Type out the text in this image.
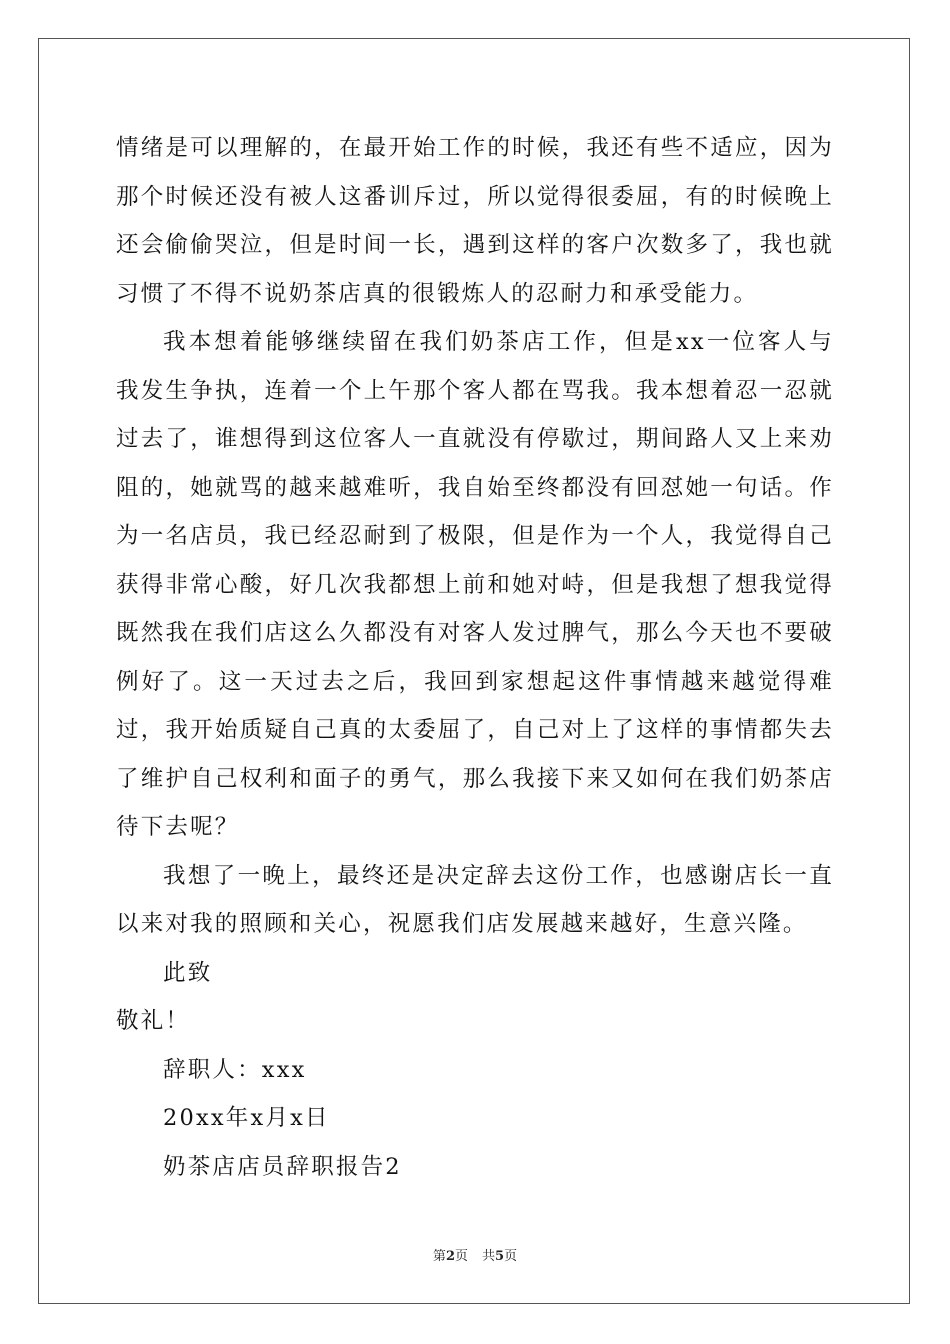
情绪是可以理解的，在最开始工作的时候，我还有些不适应，因为那个时候还没有被人这番训斥过，所以觉得很委屈，有的时候晚上还会偷偷哭泣，但是时间一长，遇到这样的客户次数多了，我也就习惯了不得不说奶茶店真的很锻炼人的忍耐力和承受能力。

我本想着能够继续留在我们奶茶店工作，但是xx一位客人与我发生争执，连着一个上午那个客人都在骂我。我本想着忍一忍就过去了，谁想得到这位客人一直就没有停歇过，期间路人又上来劝阻的，她就骂的越来越难听，我自始至终都没有回怼她一句话。作为一名店员，我已经忍耐到了极限，但是作为一个人，我觉得自己获得非常心酸，好几次我都想上前和她对峙，但是我想了想我觉得既然我在我们店这么久都没有对客人发过脾气，那么今天也不要破例好了。这一天过去之后，我回到家想起这件事情越来越觉得难过，我开始质疑自己真的太委屈了，自己对上了这样的事情都失去了维护自己权利和面子的勇气，那么我接下来又如何在我们奶茶店待下去呢？

我想了一晚上，最终还是决定辞去这份工作，也感谢店长一直以来对我的照顾和关心，祝愿我们店发展越来越好，生意兴隆。

此致

敬礼！

辞职人：xxx

20xx年x月x日

奶茶店店员辞职报告2

第2页 共5页
